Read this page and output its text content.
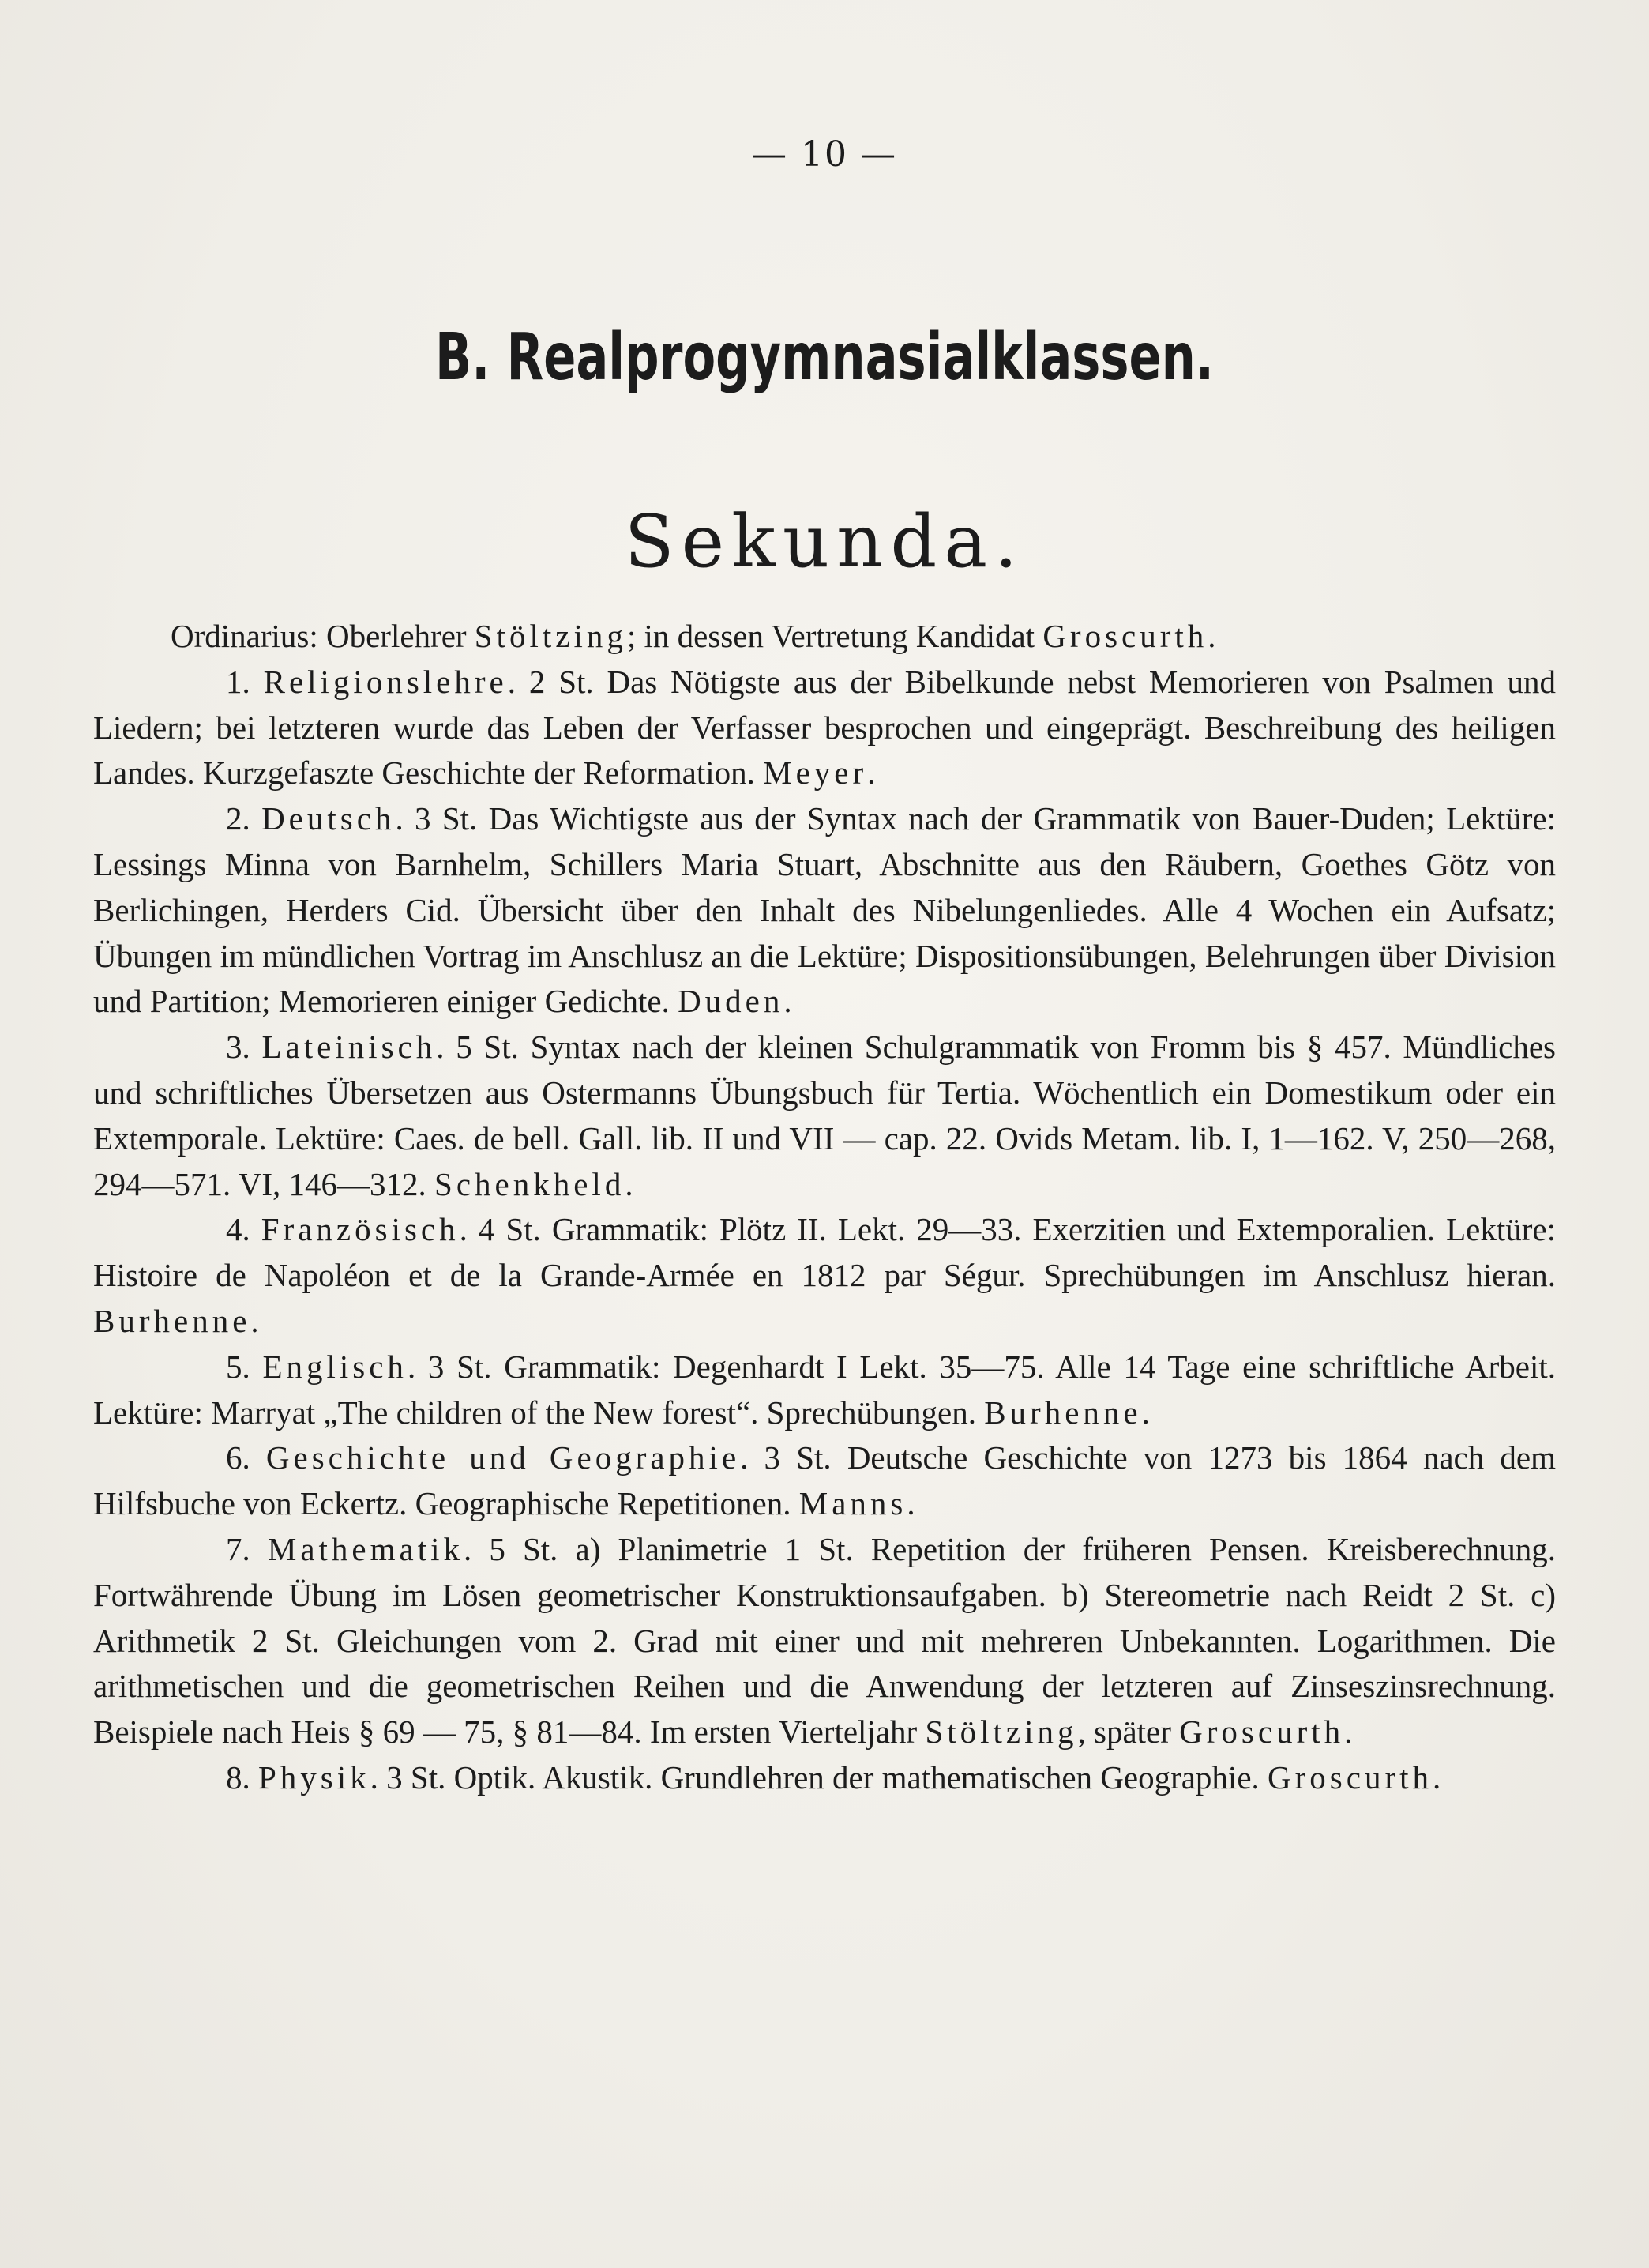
— 10 —
B. Realprogymnasialklassen.
Sekunda.

Ordinarius: Oberlehrer Stöltzing; in dessen Vertretung Kandidat Groscurth.

1. Religionslehre. 2 St. Das Nötigste aus der Bibelkunde nebst Memorieren von Psalmen und Liedern; bei letzteren wurde das Leben der Verfasser besprochen und eingeprägt. Beschreibung des heiligen Landes. Kurzgefaszte Geschichte der Reformation. Meyer.

2. Deutsch. 3 St. Das Wichtigste aus der Syntax nach der Grammatik von Bauer-Duden; Lektüre: Lessings Minna von Barnhelm, Schillers Maria Stuart, Abschnitte aus den Räubern, Goethes Götz von Berlichingen, Herders Cid. Übersicht über den Inhalt des Nibelungenliedes. Alle 4 Wochen ein Aufsatz; Übungen im mündlichen Vortrag im Anschlusz an die Lektüre; Dispositionsübungen, Belehrungen über Division und Partition; Memorieren einiger Gedichte. Duden.

3. Lateinisch. 5 St. Syntax nach der kleinen Schulgrammatik von Fromm bis § 457. Mündliches und schriftliches Übersetzen aus Ostermanns Übungsbuch für Tertia. Wöchentlich ein Domestikum oder ein Extemporale. Lektüre: Caes. de bell. Gall. lib. II und VII — cap. 22. Ovids Metam. lib. I, 1—162. V, 250—268, 294—571. VI, 146—312. Schenkheld.

4. Französisch. 4 St. Grammatik: Plötz II. Lekt. 29—33. Exerzitien und Extemporalien. Lektüre: Histoire de Napoléon et de la Grande-Armée en 1812 par Ségur. Sprechübungen im Anschlusz hieran. Burhenne.

5. Englisch. 3 St. Grammatik: Degenhardt I Lekt. 35—75. Alle 14 Tage eine schriftliche Arbeit. Lektüre: Marryat „The children of the New forest“. Sprechübungen. Burhenne.

6. Geschichte und Geographie. 3 St. Deutsche Geschichte von 1273 bis 1864 nach dem Hilfsbuche von Eckertz. Geographische Repetitionen. Manns.

7. Mathematik. 5 St. a) Planimetrie 1 St. Repetition der früheren Pensen. Kreisberechnung. Fortwährende Übung im Lösen geometrischer Konstruktionsaufgaben. b) Stereometrie nach Reidt 2 St. c) Arithmetik 2 St. Gleichungen vom 2. Grad mit einer und mit mehreren Unbekannten. Logarithmen. Die arithmetischen und die geometrischen Reihen und die Anwendung der letzteren auf Zinseszinsrechnung. Beispiele nach Heis § 69 — 75, § 81—84. Im ersten Vierteljahr Stöltzing, später Groscurth.

8. Physik. 3 St. Optik. Akustik. Grundlehren der mathematischen Geographie. Groscurth.
